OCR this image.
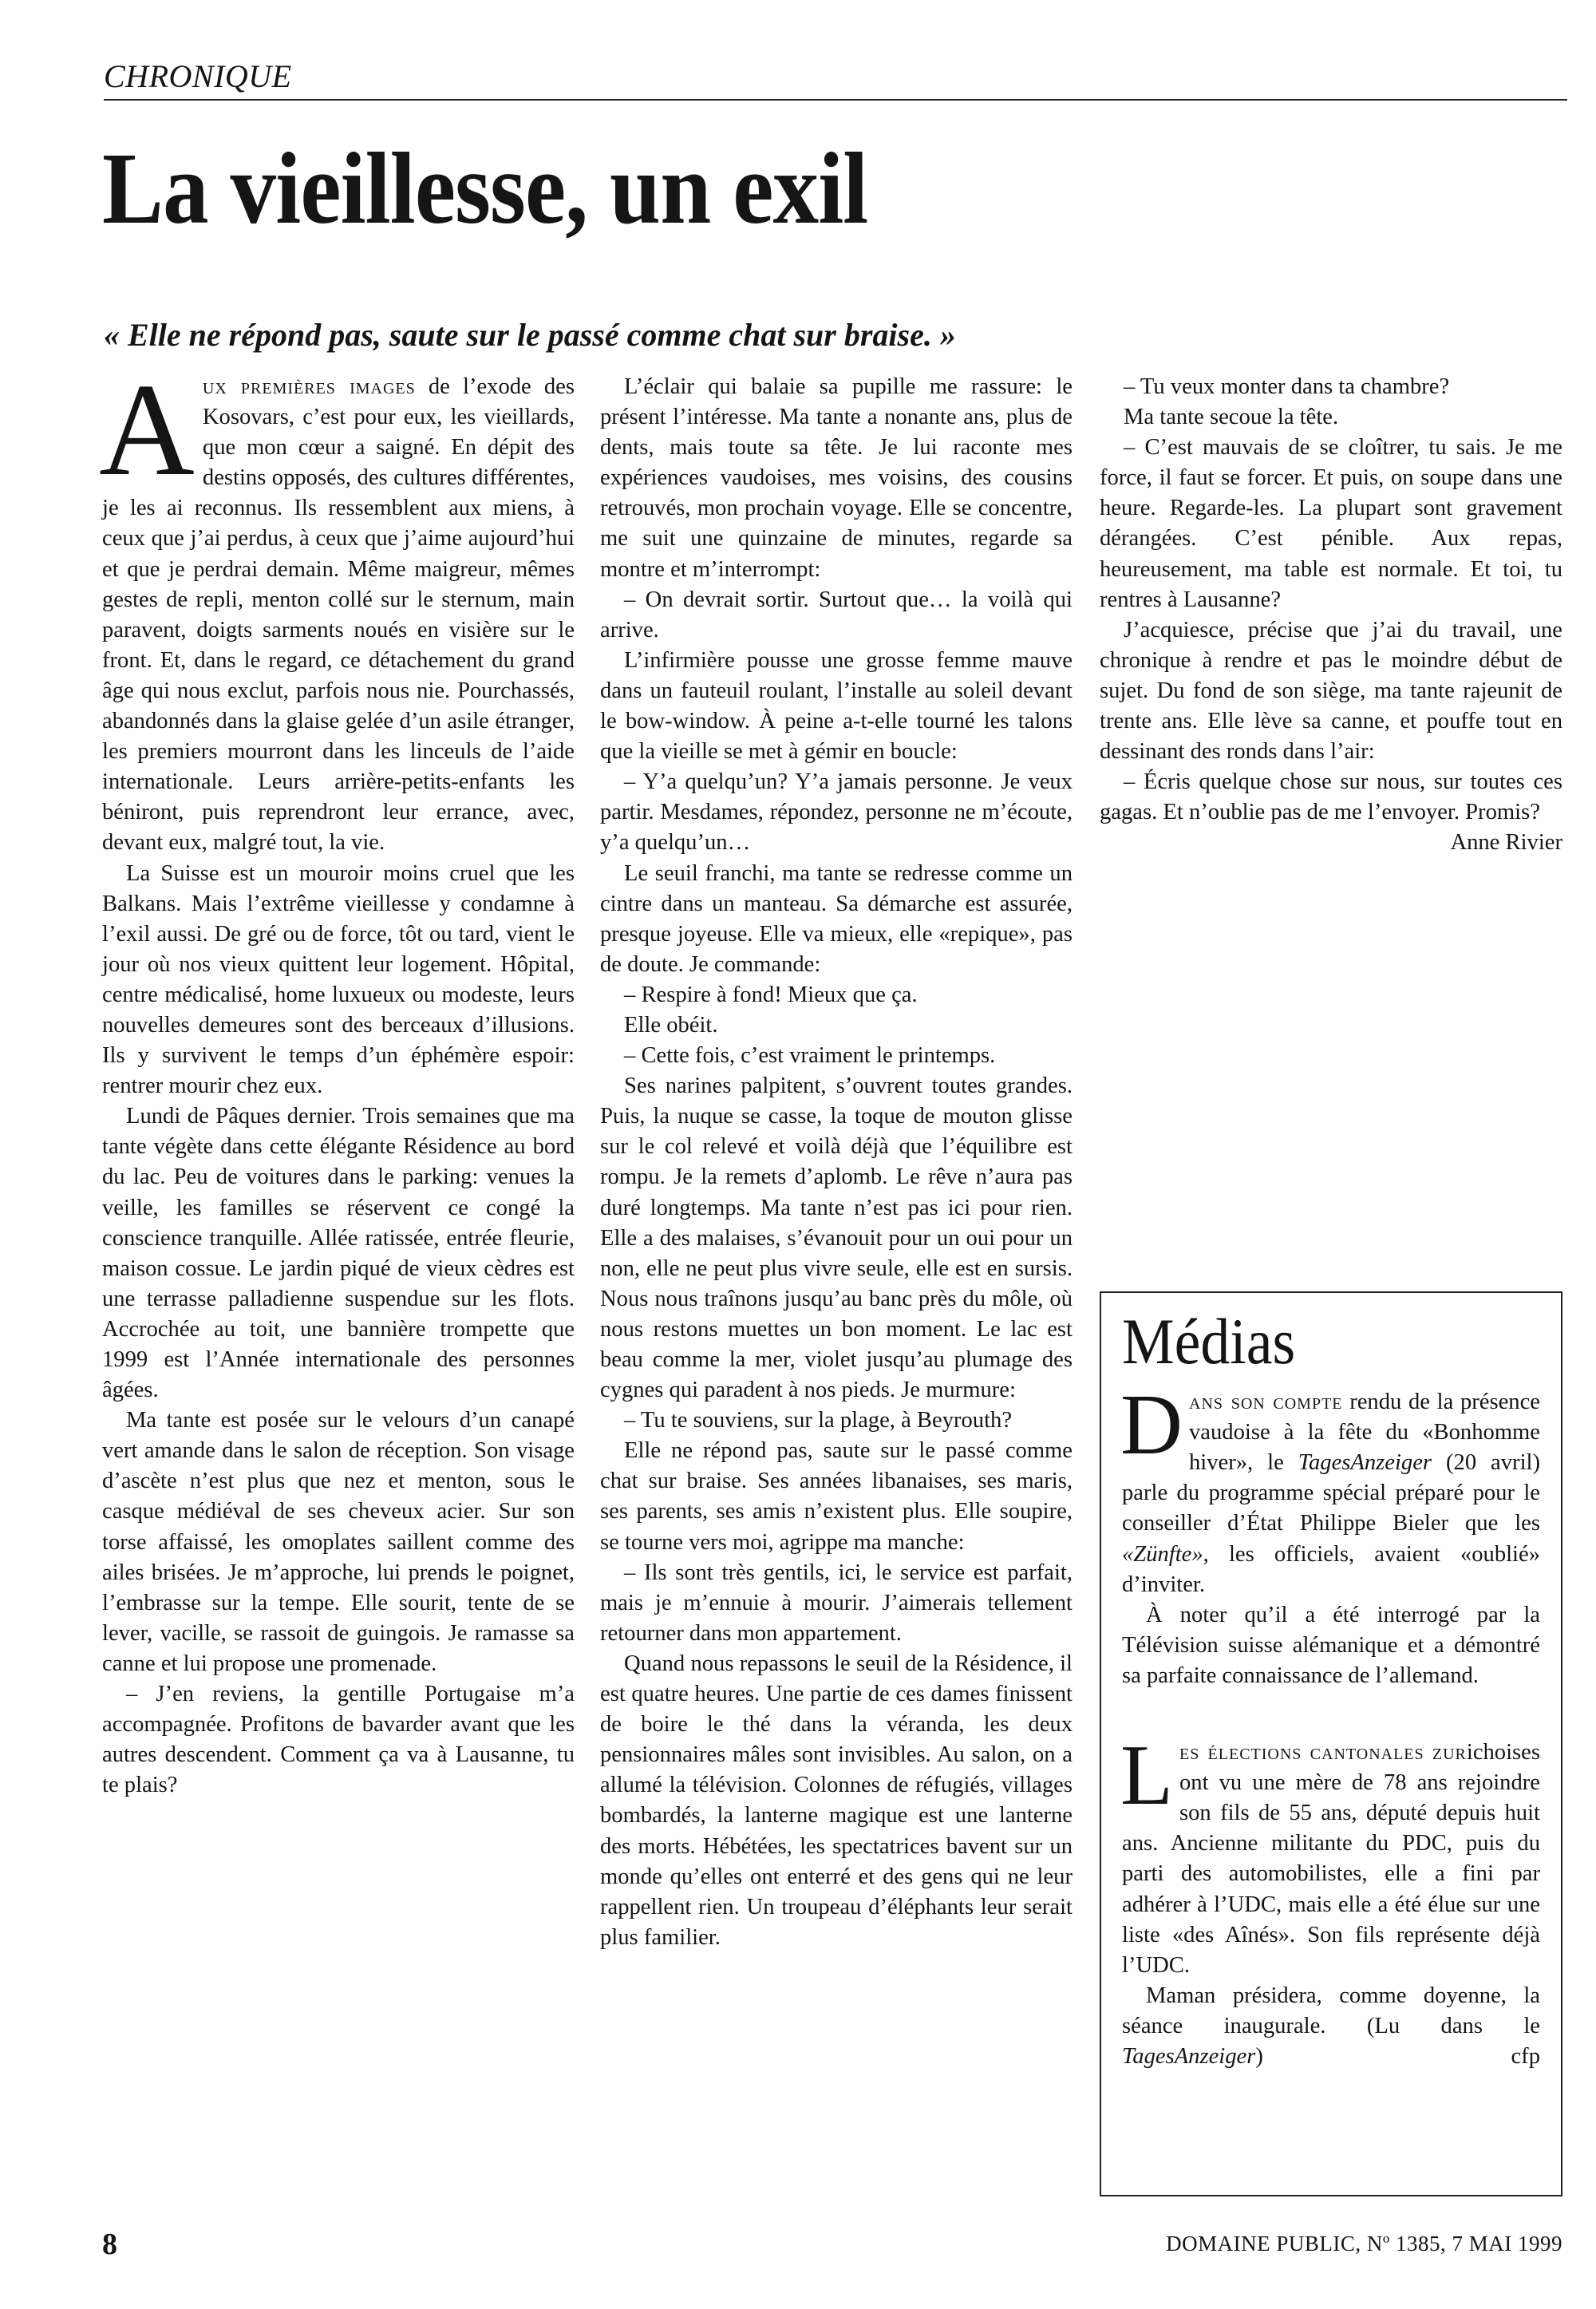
CHRONIQUE
La vieillesse, un exil
« Elle ne répond pas, saute sur le passé comme chat sur braise. »

Aux premières images de l’exode des Kosovars, c’est pour eux, les vieillards, que mon cœur a saigné. En dépit des destins opposés, des cultures différentes, je les ai reconnus. Ils ressemblent aux miens, à ceux que j’ai perdus, à ceux que j’aime aujourd’hui et que je perdrai demain. Même maigreur, mêmes gestes de repli, menton collé sur le sternum, main paravent, doigts sarments noués en visière sur le front. Et, dans le regard, ce détachement du grand âge qui nous exclut, parfois nous nie. Pourchassés, abandonnés dans la glaise gelée d’un asile étranger, les premiers mourront dans les linceuls de l’aide internationale. Leurs arrière-petits-enfants les béniront, puis reprendront leur errance, avec, devant eux, malgré tout, la vie.

La Suisse est un mouroir moins cruel que les Balkans. Mais l’extrême vieillesse y condamne à l’exil aussi. De gré ou de force, tôt ou tard, vient le jour où nos vieux quittent leur logement. Hôpital, centre médicalisé, home luxueux ou modeste, leurs nouvelles demeures sont des berceaux d’illusions. Ils y survivent le temps d’un éphémère espoir: rentrer mourir chez eux.

Lundi de Pâques dernier. Trois semaines que ma tante végète dans cette élégante Résidence au bord du lac. Peu de voitures dans le parking: venues la veille, les familles se réservent ce congé la conscience tranquille. Allée ratissée, entrée fleurie, maison cossue. Le jardin piqué de vieux cèdres est une terrasse palladienne suspendue sur les flots. Accrochée au toit, une bannière trompette que 1999 est l’Année internationale des personnes âgées.

Ma tante est posée sur le velours d’un canapé vert amande dans le salon de réception. Son visage d’ascète n’est plus que nez et menton, sous le casque médiéval de ses cheveux acier. Sur son torse affaissé, les omoplates saillent comme des ailes brisées. Je m’approche, lui prends le poignet, l’embrasse sur la tempe. Elle sourit, tente de se lever, vacille, se rassoit de guingois. Je ramasse sa canne et lui propose une promenade.

– J’en reviens, la gentille Portugaise m’a accompagnée. Profitons de bavarder avant que les autres descendent. Comment ça va à Lausanne, tu te plais?

L’éclair qui balaie sa pupille me rassure: le présent l’intéresse. Ma tante a nonante ans, plus de dents, mais toute sa tête. Je lui raconte mes expériences vaudoises, mes voisins, des cousins retrouvés, mon prochain voyage. Elle se concentre, me suit une quinzaine de minutes, regarde sa montre et m’interrompt:

– On devrait sortir. Surtout que… la voilà qui arrive.

L’infirmière pousse une grosse femme mauve dans un fauteuil roulant, l’installe au soleil devant le bow-window. À peine a-t-elle tourné les talons que la vieille se met à gémir en boucle:

– Y’a quelqu’un? Y’a jamais personne. Je veux partir. Mesdames, répondez, personne ne m’écoute, y’a quelqu’un…

Le seuil franchi, ma tante se redresse comme un cintre dans un manteau. Sa démarche est assurée, presque joyeuse. Elle va mieux, elle «repique», pas de doute. Je commande:

– Respire à fond! Mieux que ça.

Elle obéit.

– Cette fois, c’est vraiment le printemps.

Ses narines palpitent, s’ouvrent toutes grandes. Puis, la nuque se casse, la toque de mouton glisse sur le col relevé et voilà déjà que l’équilibre est rompu. Je la remets d’aplomb. Le rêve n’aura pas duré longtemps. Ma tante n’est pas ici pour rien. Elle a des malaises, s’évanouit pour un oui pour un non, elle ne peut plus vivre seule, elle est en sursis. Nous nous traînons jusqu’au banc près du môle, où nous restons muettes un bon moment. Le lac est beau comme la mer, violet jusqu’au plumage des cygnes qui paradent à nos pieds. Je murmure:

– Tu te souviens, sur la plage, à Beyrouth?

Elle ne répond pas, saute sur le passé comme chat sur braise. Ses années libanaises, ses maris, ses parents, ses amis n’existent plus. Elle soupire, se tourne vers moi, agrippe ma manche:

– Ils sont très gentils, ici, le service est parfait, mais je m’ennuie à mourir. J’aimerais tellement retourner dans mon appartement.

Quand nous repassons le seuil de la Résidence, il est quatre heures. Une partie de ces dames finissent de boire le thé dans la véranda, les deux pensionnaires mâles sont invisibles. Au salon, on a allumé la télévision. Colonnes de réfugiés, villages bombardés, la lanterne magique est une lanterne des morts. Hébétées, les spectatrices bavent sur un monde qu’elles ont enterré et des gens qui ne leur rappellent rien. Un troupeau d’éléphants leur serait plus familier.

– Tu veux monter dans ta chambre?

Ma tante secoue la tête.

– C’est mauvais de se cloîtrer, tu sais. Je me force, il faut se forcer. Et puis, on soupe dans une heure. Regarde-les. La plupart sont gravement dérangées. C’est pénible. Aux repas, heureusement, ma table est normale. Et toi, tu rentres à Lausanne?

J’acquiesce, précise que j’ai du travail, une chronique à rendre et pas le moindre début de sujet. Du fond de son siège, ma tante rajeunit de trente ans. Elle lève sa canne, et pouffe tout en dessinant des ronds dans l’air:

– Écris quelque chose sur nous, sur toutes ces gagas. Et n’oublie pas de me l’envoyer. Promis?

Anne Rivier
Médias

Dans son compte rendu de la présence vaudoise à la fête du «Bonhomme hiver», le TagesAnzeiger (20 avril) parle du programme spécial préparé pour le conseiller d’État Philippe Bieler que les «Zünfte», les officiels, avaient «oublié» d’inviter.

À noter qu’il a été interrogé par la Télévision suisse alémanique et a démontré sa parfaite connaissance de l’allemand.

Les élections cantonales zurichoises ont vu une mère de 78 ans rejoindre son fils de 55 ans, député depuis huit ans. Ancienne militante du PDC, puis du parti des automobilistes, elle a fini par adhérer à l’UDC, mais elle a été élue sur une liste «des Aînés». Son fils représente déjà l’UDC.

Maman présidera, comme doyenne, la séance inaugurale. (Lu dans le TagesAnzeiger)	cfp

8	DOMAINE PUBLIC, Nº 1385, 7 MAI 1999
